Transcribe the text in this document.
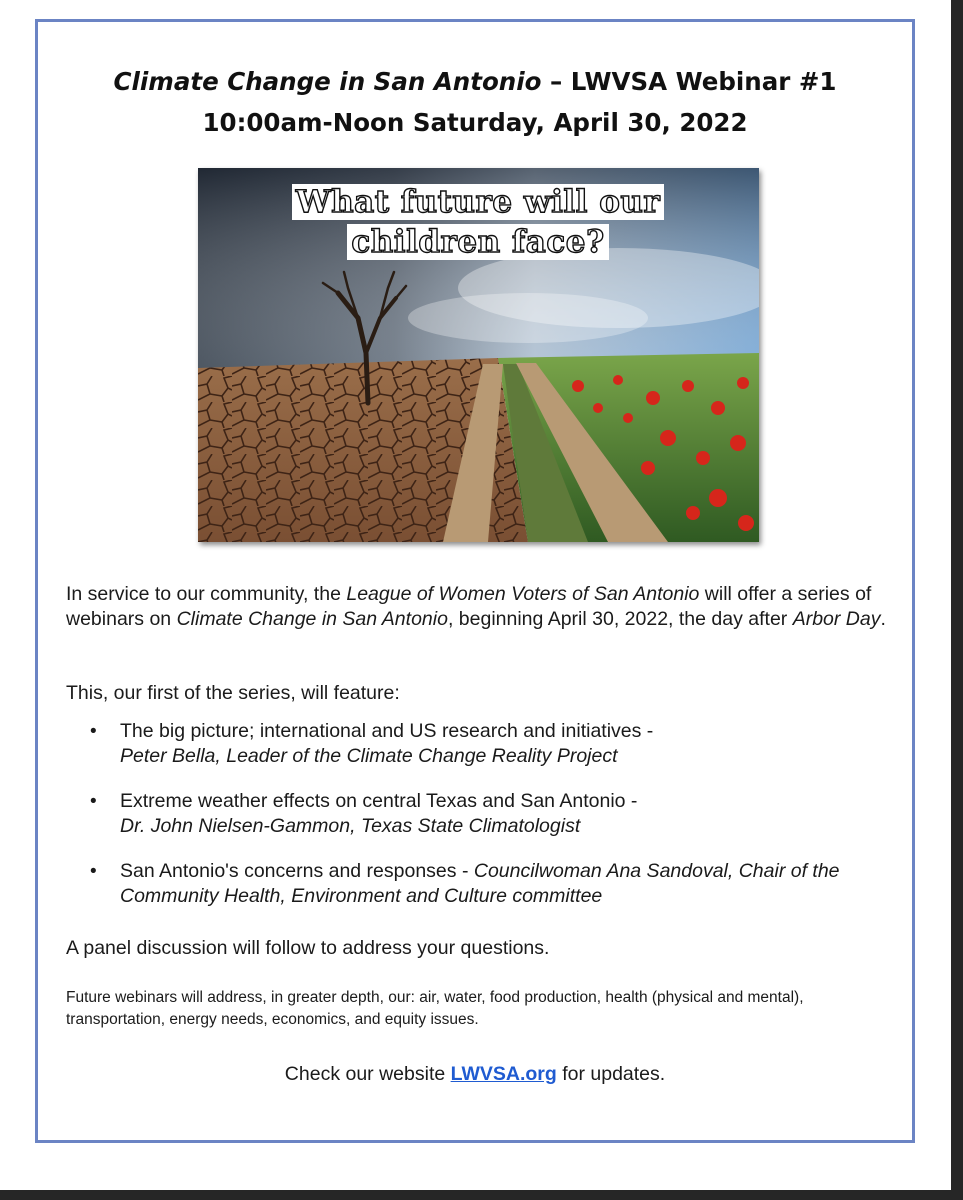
Climate Change in San Antonio – LWVSA Webinar #1
10:00am-Noon Saturday, April 30, 2022
What future will our
children face?
In service to our community, the League of Women Voters of San Antonio will offer a series of webinars on Climate Change in San Antonio, beginning April 30, 2022, the day after Arbor Day.
This, our first of the series, will feature:
• The big picture; international and US research and initiatives -
Peter Bella, Leader of the Climate Change Reality Project
• Extreme weather effects on central Texas and San Antonio -
Dr. John Nielsen-Gammon, Texas State Climatologist
• San Antonio's concerns and responses - Councilwoman Ana Sandoval, Chair of the Community Health, Environment and Culture committee
A panel discussion will follow to address your questions.
Future webinars will address, in greater depth, our: air, water, food production, health (physical and mental), transportation, energy needs, economics, and equity issues.
Check our website LWVSA.org for updates.
